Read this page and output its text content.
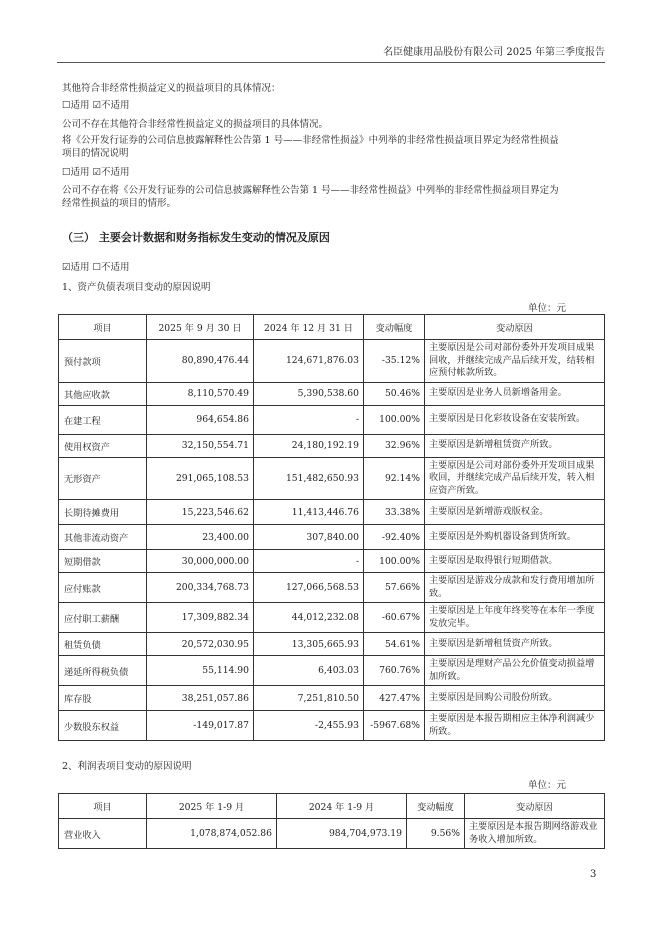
名臣健康用品股份有限公司 2025 年第三季度报告
其他符合非经常性损益定义的损益项目的具体情况：
☐适用 ☑不适用
公司不存在其他符合非经常性损益定义的损益项目的具体情况。
将《公开发行证券的公司信息披露解释性公告第 1 号——非经常性损益》中列举的非经常性损益项目界定为经常性损益
项目的情况说明
☐适用 ☑不适用
公司不存在将《公开发行证券的公司信息披露解释性公告第 1 号——非经常性损益》中列举的非经常性损益项目界定为
经常性损益的项目的情形。
（三） 主要会计数据和财务指标发生变动的情况及原因
☑适用 ☐不适用
1、资产负债表项目变动的原因说明
单位：元
项目	2025 年 9 月 30 日	2024 年 12 月 31 日	变动幅度	变动原因
预付款项	80,890,476.44	124,671,876.03	-35.12%	主要原因是公司对部份委外开发项目成果回收，并继续完成产品后续开发，结转相应预付帐款所致。
其他应收款	8,110,570.49	5,390,538.60	50.46%	主要原因是业务人员新增备用金。
在建工程	964,654.86	-	100.00%	主要原因是日化彩妆设备在安装所致。
使用权资产	32,150,554.71	24,180,192.19	32.96%	主要原因是新增租赁资产所致。
无形资产	291,065,108.53	151,482,650.93	92.14%	主要原因是公司对部份委外开发项目成果收回，并继续完成产品后续开发，转入相应资产所致。
长期待摊费用	15,223,546.62	11,413,446.76	33.38%	主要原因是新增游戏版权金。
其他非流动资产	23,400.00	307,840.00	-92.40%	主要原因是外购机器设备到货所致。
短期借款	30,000,000.00	-	100.00%	主要原因是取得银行短期借款。
应付账款	200,334,768.73	127,066,568.53	57.66%	主要原因是游戏分成款和发行费用增加所致。
应付职工薪酬	17,309,882.34	44,012,232.08	-60.67%	主要原因是上年度年终奖等在本年一季度发放完毕。
租赁负债	20,572,030.95	13,305,665.93	54.61%	主要原因是新增租赁资产所致。
递延所得税负债	55,114.90	6,403.03	760.76%	主要原因是理财产品公允价值变动损益增加所致。
库存股	38,251,057.86	7,251,810.50	427.47%	主要原因是回购公司股份所致。
少数股东权益	-149,017.87	-2,455.93	-5967.68%	主要原因是本报告期相应主体净利润减少所致。
2、利润表项目变动的原因说明
单位：元
项目	2025 年 1-9 月	2024 年 1-9 月	变动幅度	变动原因
营业收入	1,078,874,052.86	984,704,973.19	9.56%	主要原因是本报告期网络游戏业务收入增加所致。
3
